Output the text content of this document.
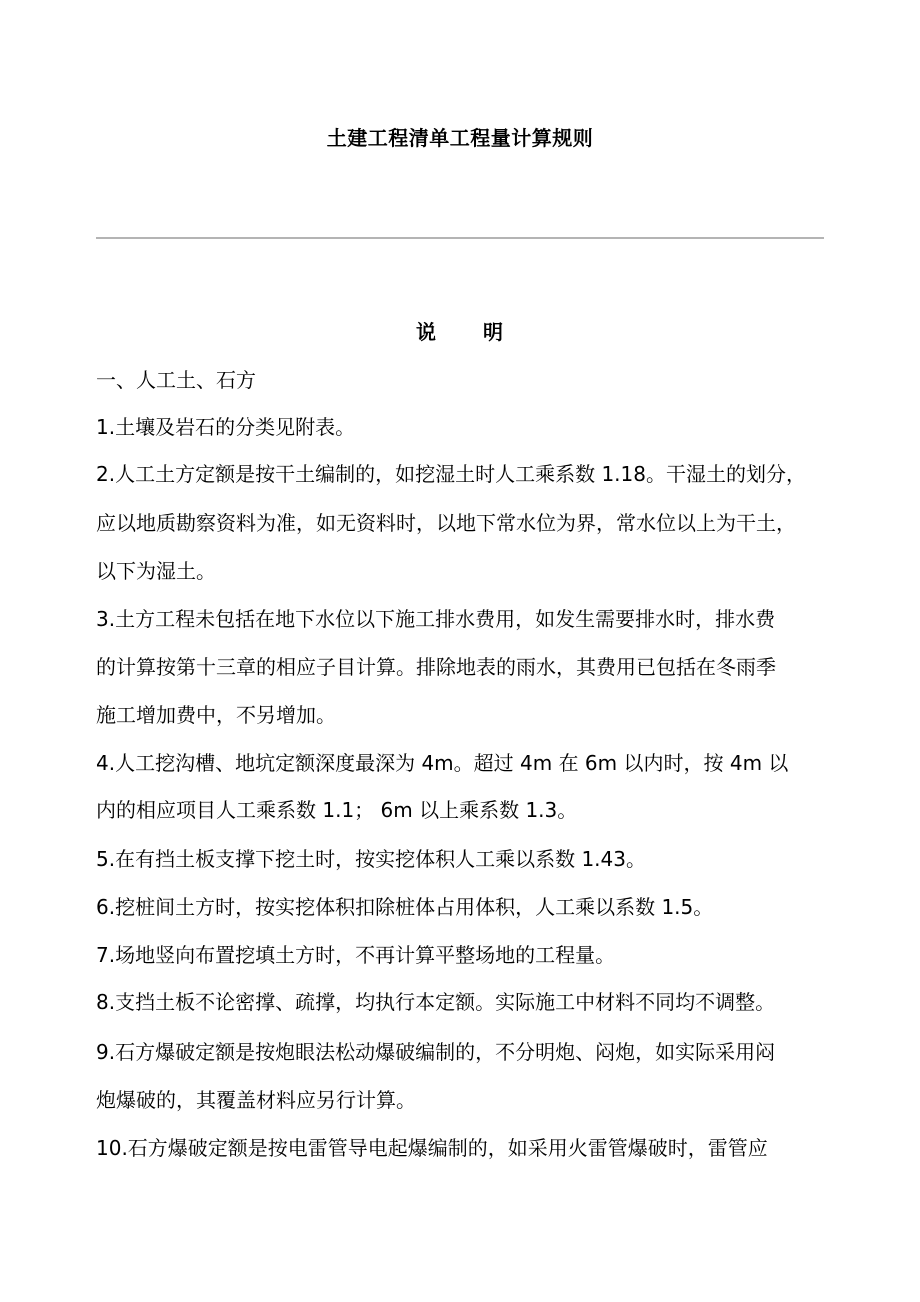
土建工程清单工程量计算规则
说 明
一、人工土、石方
1.土壤及岩石的分类见附表。
2.人工土方定额是按干土编制的，如挖湿土时人工乘系数 1.18。干湿土的划分，
应以地质勘察资料为准，如无资料时，以地下常水位为界，常水位以上为干土，
以下为湿土。
3.土方工程未包括在地下水位以下施工排水费用，如发生需要排水时，排水费
的计算按第十三章的相应子目计算。排除地表的雨水，其费用已包括在冬雨季
施工增加费中，不另增加。
4.人工挖沟槽、地坑定额深度最深为 4m。超过 4m 在 6m 以内时，按 4m 以
内的相应项目人工乘系数 1.1； 6m 以上乘系数 1.3。
5.在有挡土板支撑下挖土时，按实挖体积人工乘以系数 1.43。
6.挖桩间土方时，按实挖体积扣除桩体占用体积，人工乘以系数 1.5。
7.场地竖向布置挖填土方时，不再计算平整场地的工程量。
8.支挡土板不论密撑、疏撑，均执行本定额。实际施工中材料不同均不调整。
9.石方爆破定额是按炮眼法松动爆破编制的，不分明炮、闷炮，如实际采用闷
炮爆破的，其覆盖材料应另行计算。
10.石方爆破定额是按电雷管导电起爆编制的，如采用火雷管爆破时，雷管应
